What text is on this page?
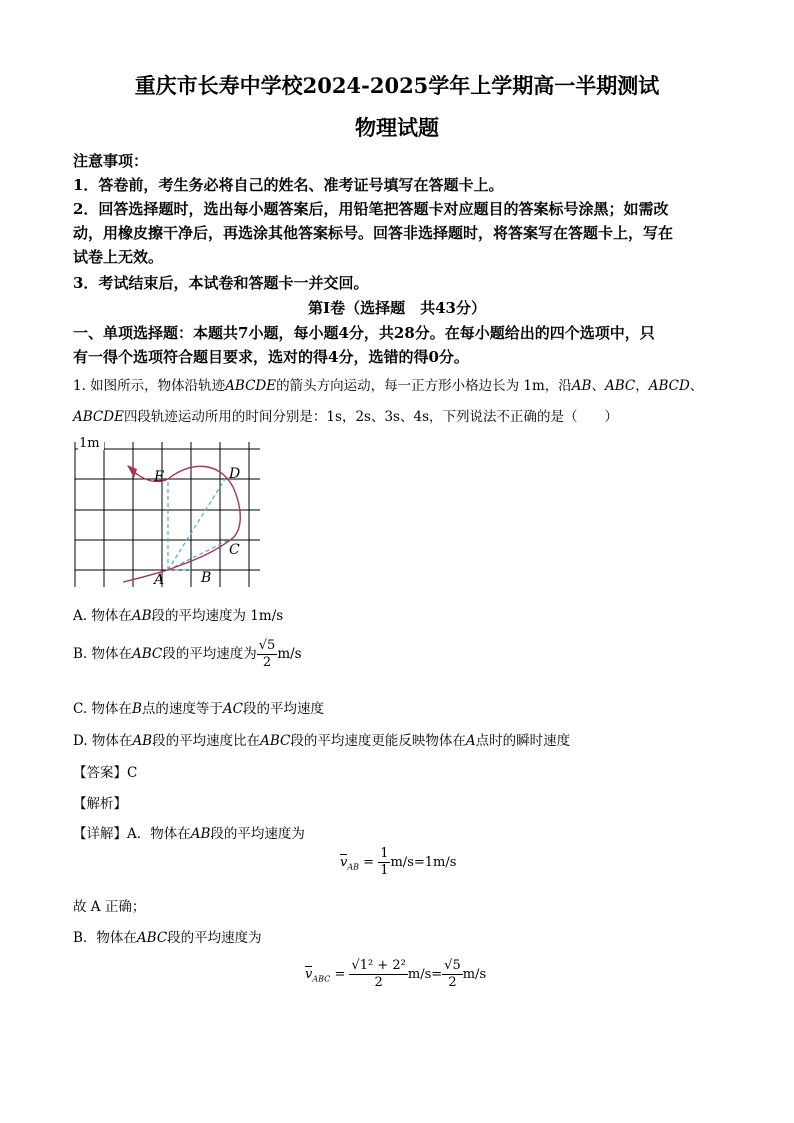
重庆市长寿中学校2024-2025学年上学期高一半期测试
物理试题
注意事项：
1．答卷前，考生务必将自己的姓名、准考证号填写在答题卡上。
2．回答选择题时，选出每小题答案后，用铅笔把答题卡对应题目的答案标号涂黑；如需改
动，用橡皮擦干净后，再选涂其他答案标号。回答非选择题时，将答案写在答题卡上，写在
试卷上无效。
3．考试结束后，本试卷和答题卡一并交回。
第Ⅰ卷（选择题　共43分）
一、单项选择题：本题共7小题，每小题4分，共28分。在每小题给出的四个选项中，只
有一得个选项符合题目要求，选对的得4分，选错的得0分。
1. 如图所示，物体沿轨迹ABCDE的箭头方向运动，每一正方形小格边长为 1m，沿AB、ABC，ABCD、
ABCDE四段轨迹运动所用的时间分别是：1s，2s、3s、4s，下列说法不正确的是（　　）
1m
A	B
C
D
E
A. 物体在AB段的平均速度为 1m/s
B. 物体在ABC段的平均速度为 $\frac{√5}{2} m/s$
C. 物体在B点的速度等于AC段的平均速度
D. 物体在AB段的平均速度比在ABC段的平均速度更能反映物体在A点时的瞬时速度
【答案】C
【解析】
【详解】A．物体在AB段的平均速度为
$v_{AB} = \frac{1}{1} m/s=1m/s$
故 A 正确；
B．物体在ABC段的平均速度为
$v_{ABC} = \frac{\text{√1² + 2²}}{2} m/s= \frac{√5}{2} m/s$
